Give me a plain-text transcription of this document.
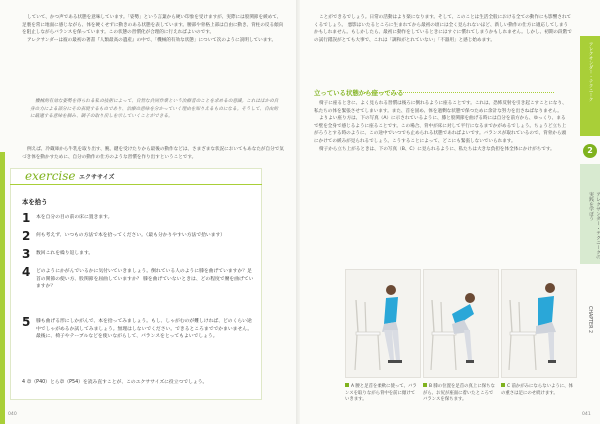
していて、かつ声である状態を意味しています。「姿勢」という言葉から硬い印象を受けますが、実際には股関節を緩めて、足裏を常に地面に感じながら、体を硬くせずに動きのある状態を表しています。腰部や骨格上部は自由に動き、背柱の反る傾向を阻止しながらバランスを保っています。この状態の習慣化が合理的に行えればよいのです。

アレクサンダーは彼の最初の著書『人類最高の遺産』の中で、「機械的有効な状態」について次のように説明しています。

機械的有効な姿勢を得られる私の技術によって、自然な共同作業という治療者のことを求めるの意識。これはほかの自身の力による部分にその表現するものであり、治療の意味を分かっていく理由を知りえるものになる。そうして、自由的に最適する意味を掴み、調子の取り戻しを示していくことができる。

例えば、冷蔵庫から牛乳を取り出す、腕、鍵を受けたりから最後の動作などは、さまざまな状況においてもあなたが自分で気づき体を動かすために、自分の動作の仕方のような習慣を作り出すということです。

exercise エクササイズ
本を拾う
1 本を自分の目の前の床に置きます。
2 何も考えず、いつもの方法で本を拾ってください。（最も分かりやすい方法で拾います）
3 数回これを繰り返します。
4 どのようにかがんでいるかに気付いていきましょう。倒れている人のように膝を曲げていますか？足首の関節の使い方、股関節を屈曲していますか？ 膝を曲げていないときは、どの程度で腰を曲げていますか？
5 膝も曲げる形にしかがんで、本を拾ってみましょう。もし、しゃがむのが難しければ、どのくらい途中でしゃがめるか試してみましょう。無理はしないでください。できるところまででかまいません。最後に、椅子やテーブルなどを使いながらして、バランスをとってもよいでしょう。
4 章（P40）とら章（P54）を読み直すことが、このエクササイズに役立つでしょう。
040

ことができるでしょう。日常の活動はより楽になります。そして、このことは生活全般における全ての動作にも影響されてくるでしょう。 悪影はいたるところに生まれてから最初の頃には全く見られないほど、新しい動作の仕方に適応してしまうかもしれません。もしかしたら、最初に動作をしているときにはすぐに慣れてしまうかもしれません。しかし、初期の段階での試行錯誤がとても大事で、これは「調和がとれていない」「不器用」と感じ始めます。

立っている状態から座ってみる

椅子に座るときに、よく見られる習慣は後ろに倒れるように座ることです。これは、恐怖反射を引き起こすことになり、私たちの体を緊張させてしまいます。また、首を固め、体を過剰な状態で保つために余計な努力を出さねばなりません。

よりよい座り方は、下の写真（A）に示されているように、膝と股関節を曲げる時には自分を前方から、ゆっくり、まるで壁を全身で感じるように座ることです。この場合、背中が床に対して平行になるまでかがめるでしょう。ちょうど立ち上がろうとする時のように、この途中でいつでも止められる状態であればよいです。バランスが取れているので、背骨から頭にかけての緩みが見られるでしょう。こうすることによって、どこにも緊張しないでいられます。

椅子から立ち上がるときは、下の写真（B、C）に見られるように、私たちは大きな負担を体全体にかけがちです。

A 腰と足首を柔軟に使って、バランスを取りながら背中を前に傾けていきます。
B 膝の位置を足首の真上に保ちながら、お尻が座面に着いたところでバランスを保ちます。
C 前かがみにならないように、体の重さは足にのせ続けます。
アレクサンダー・テクニーク
アレクサンダー・テクニークの実践を学ぼう
CHAPTER 2
2
041
